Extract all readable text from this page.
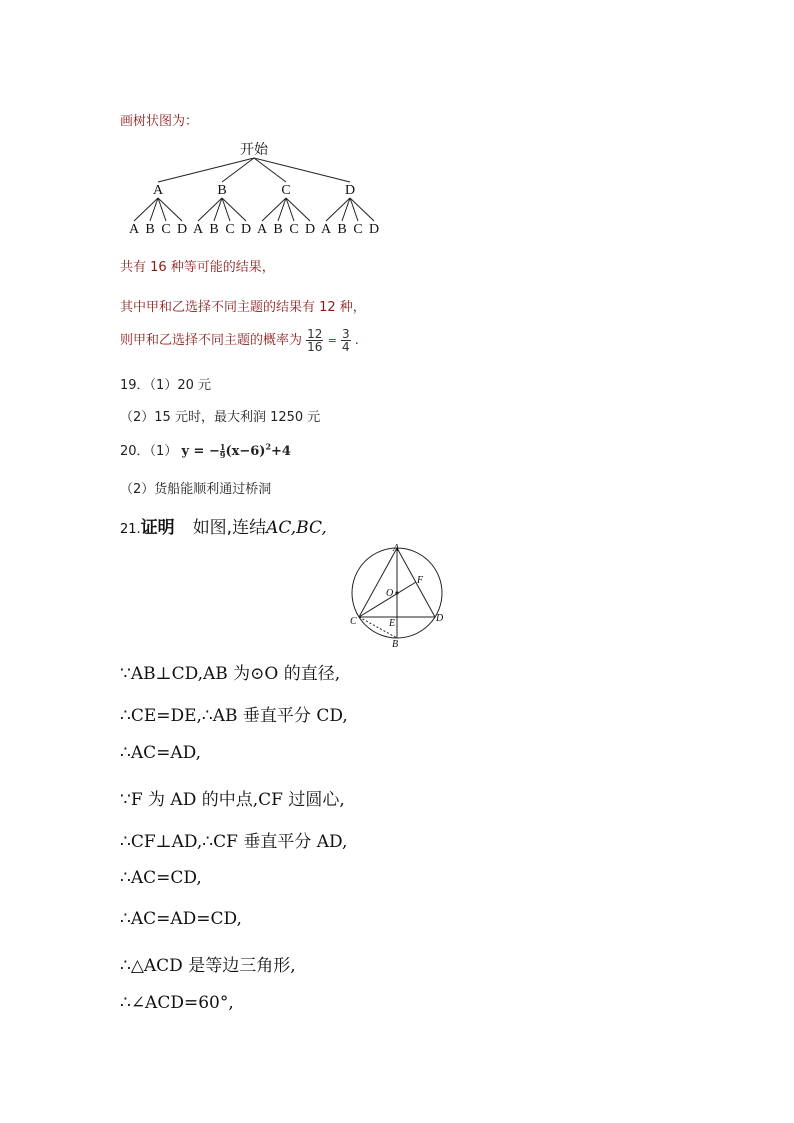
画树状图为：
开始
A
A B C D
B
A B C D
C
A B C D
D
A B C D
共有 16 种等可能的结果，
其中甲和乙选择不同主题的结果有 12 种，
则甲和乙选择不同主题的概率为 $\frac{12}{16} = \frac{3}{4}$ .
19．（1）20 元
（2）15 元时，最大利润 1250 元
20．（1） y = − $\frac{1}{9} (x-6)^2+4$
（2）货船能顺利通过桥洞
21.证明 如图,连结AC,BC,
A
B
C	D
E
F
O
∵AB⊥CD,AB 为⊙O 的直径,
∴CE=DE,∴AB 垂直平分 CD,
∴AC=AD,
∵F 为 AD 的中点,CF 过圆心,
∴CF⊥AD,∴CF 垂直平分 AD,
∴AC=CD,
∴AC=AD=CD,
∴△ACD 是等边三角形,
∴∠ACD=60°,
